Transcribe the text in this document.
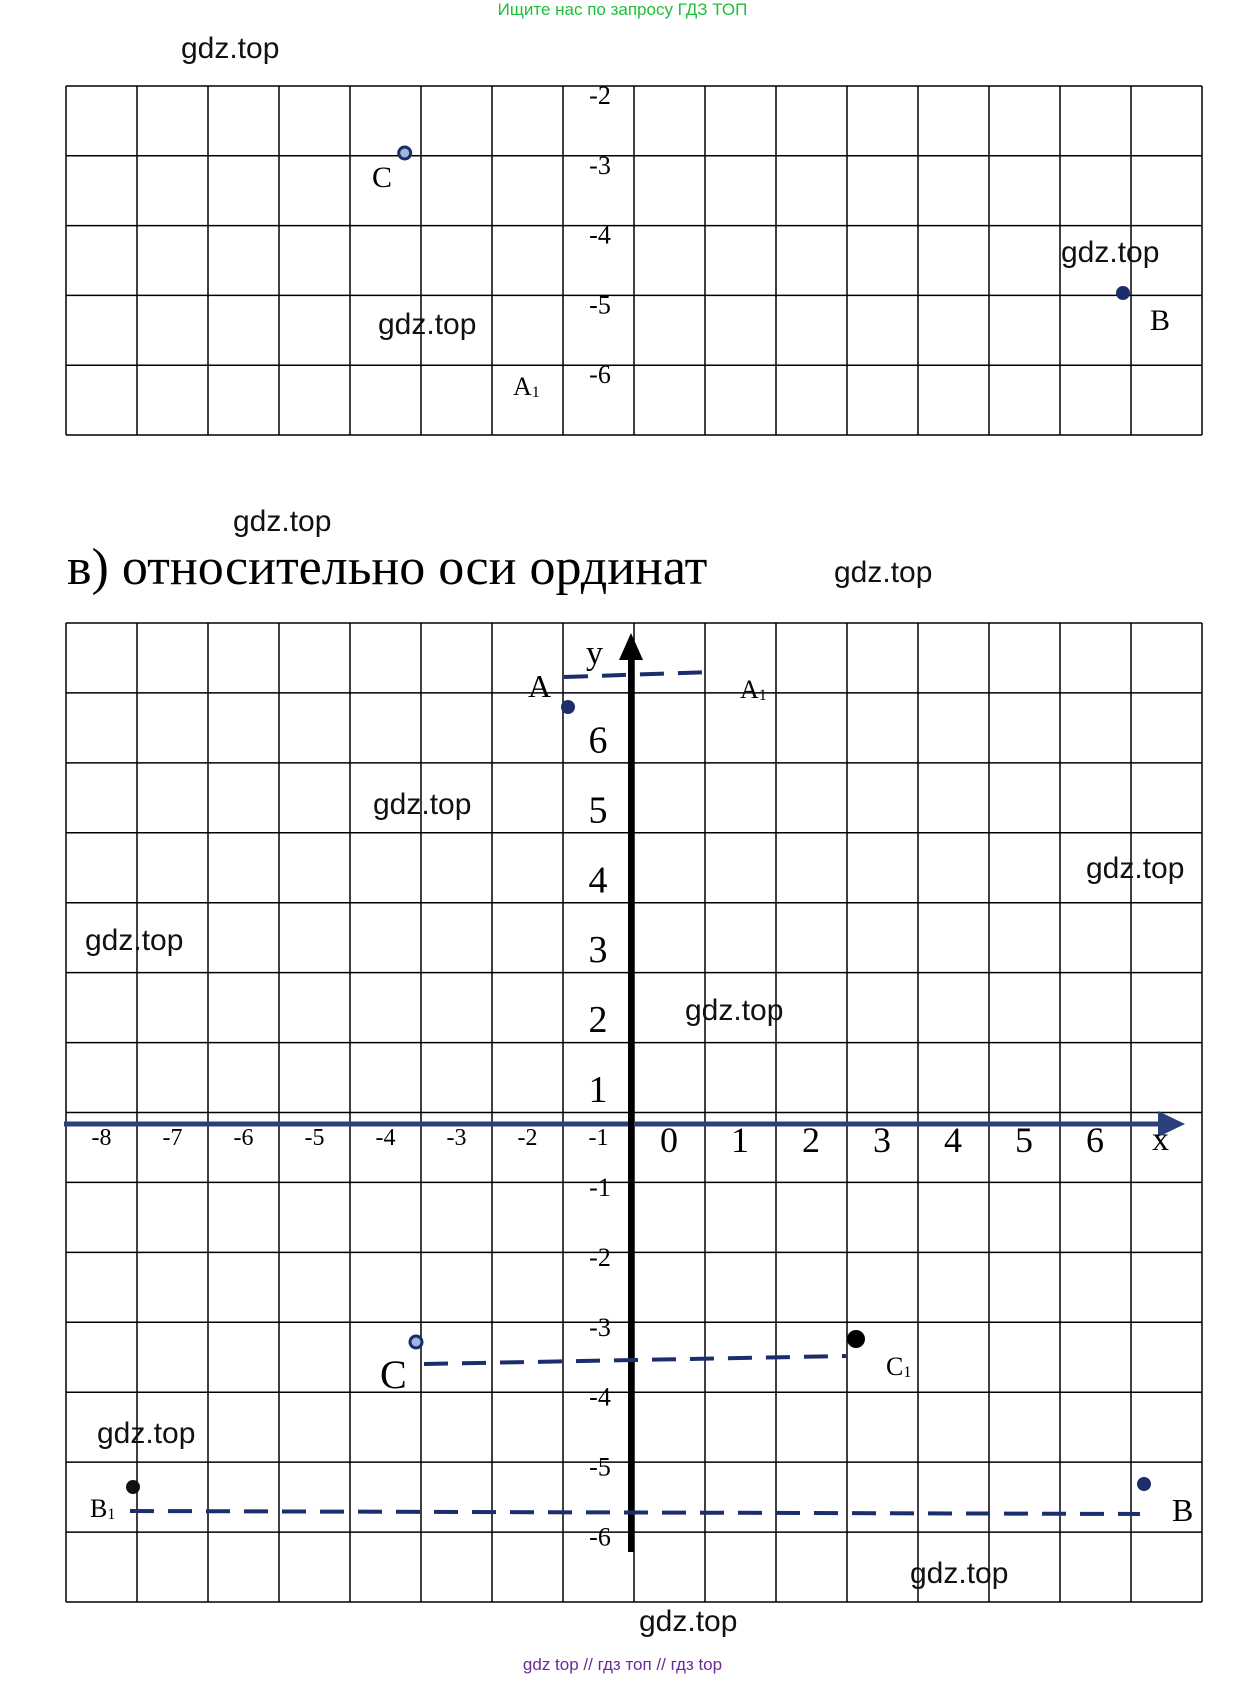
Ищите нас по запросу ГДЗ ТОП
-2
-3
-4
-5
-6
C
B
A1
y
x
-8 -7 -6 -5 -4 -3 -2 -1 0 1 2 3 4 5 6
6
5
4
3
2
1
-1
-2
-3
-4
-5
-6
A	A1
C	C1
B
B1
в) относительно оси ординат
gdz.top
gdz.top
gdz.top
gdz.top
gdz.top
gdz.top
gdz.top
gdz.top
gdz.top
gdz.top
gdz.top
gdz.top
gdz top // гдз топ // гдз top
